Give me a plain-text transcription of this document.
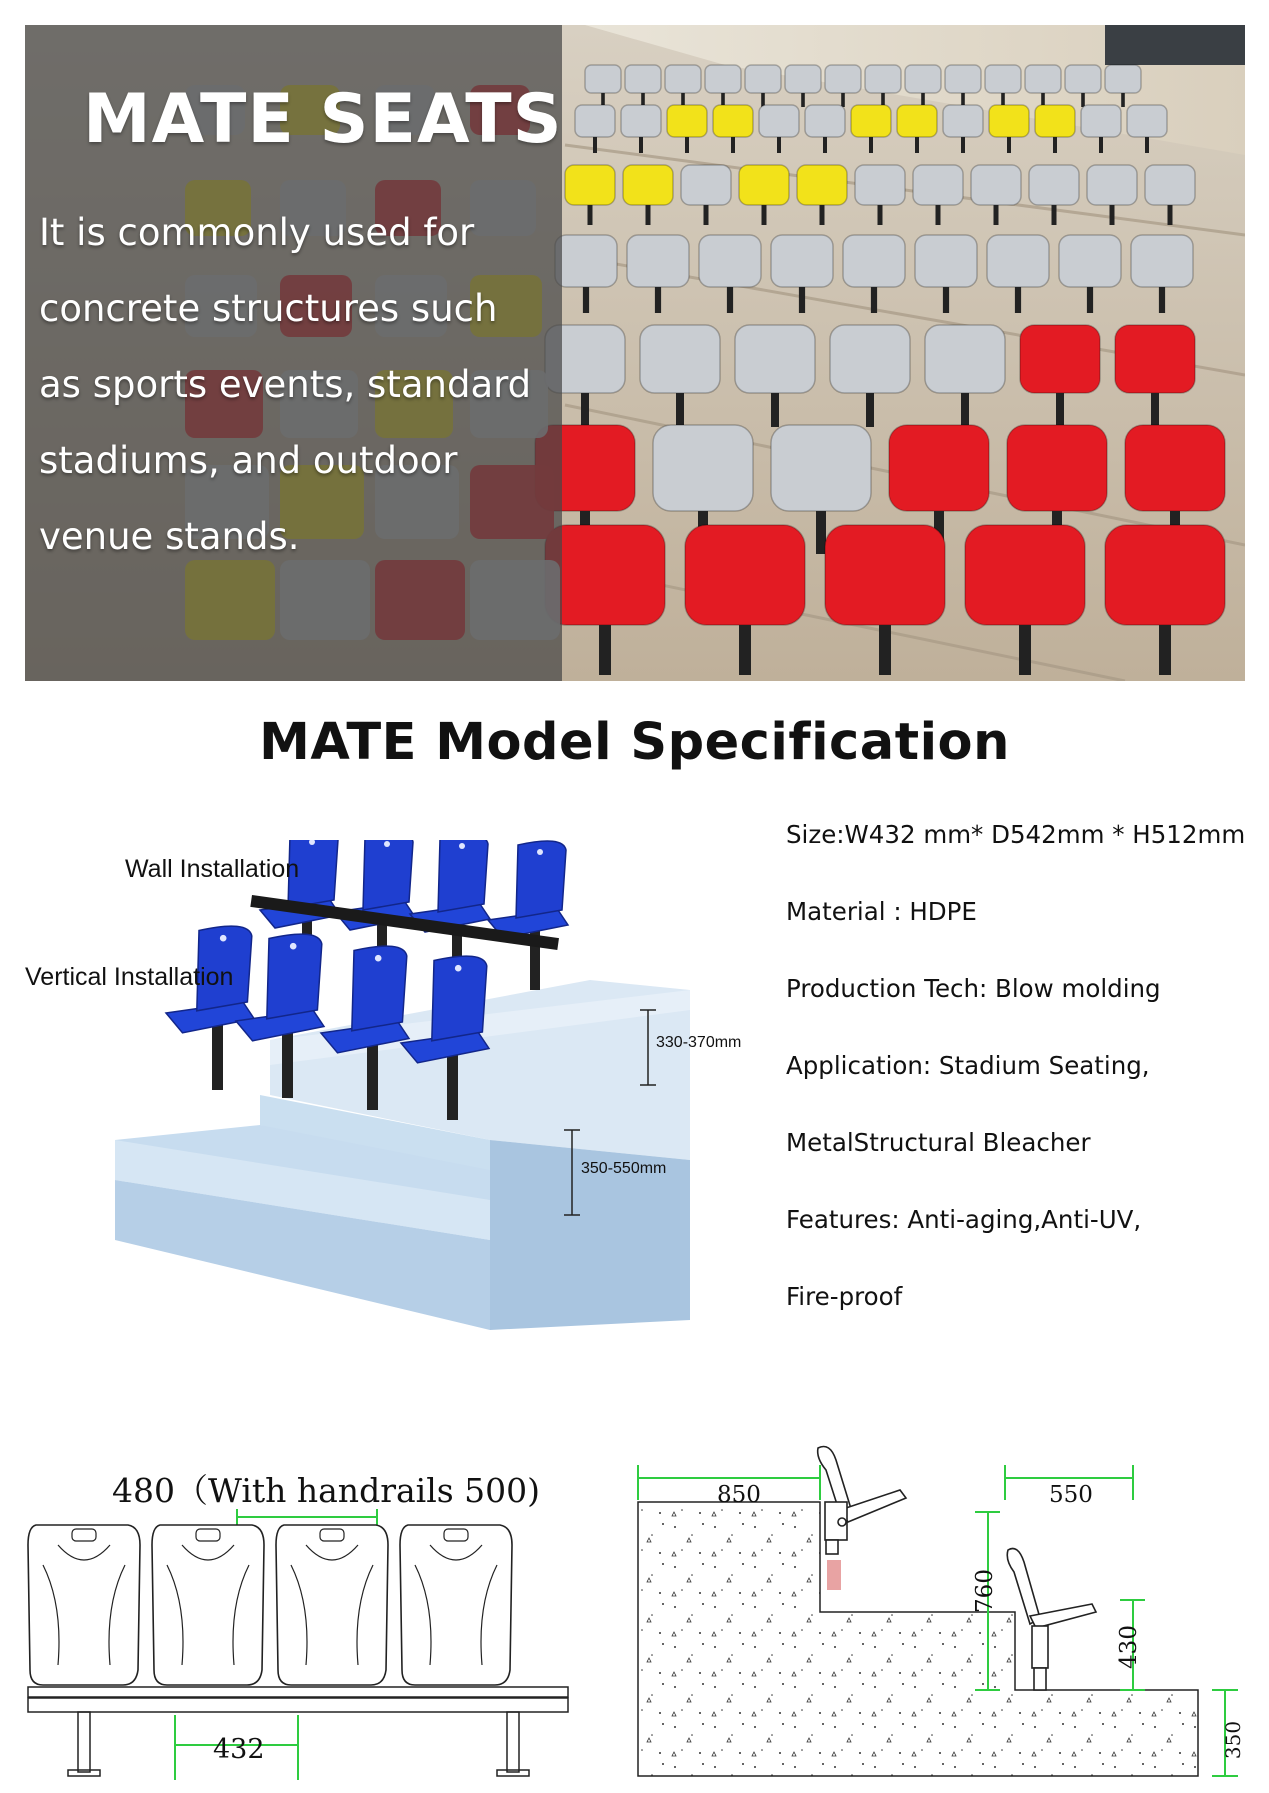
MATE SEATS
It is commonly used for
concrete structures such
as sports events, standard
stadiums, and outdoor
venue stands.
MATE Model Specification
Wall Installation
Vertical Installation
330-370mm
350-550mm
Size:W432 mm* D542mm * H512mm
Material : HDPE
Production Tech: Blow molding
Application: Stadium Seating,
MetalStructural Bleacher
Features: Anti-aging,Anti-UV,
Fire-proof
480（With handrails 500)
432
850	550
760
430
350
